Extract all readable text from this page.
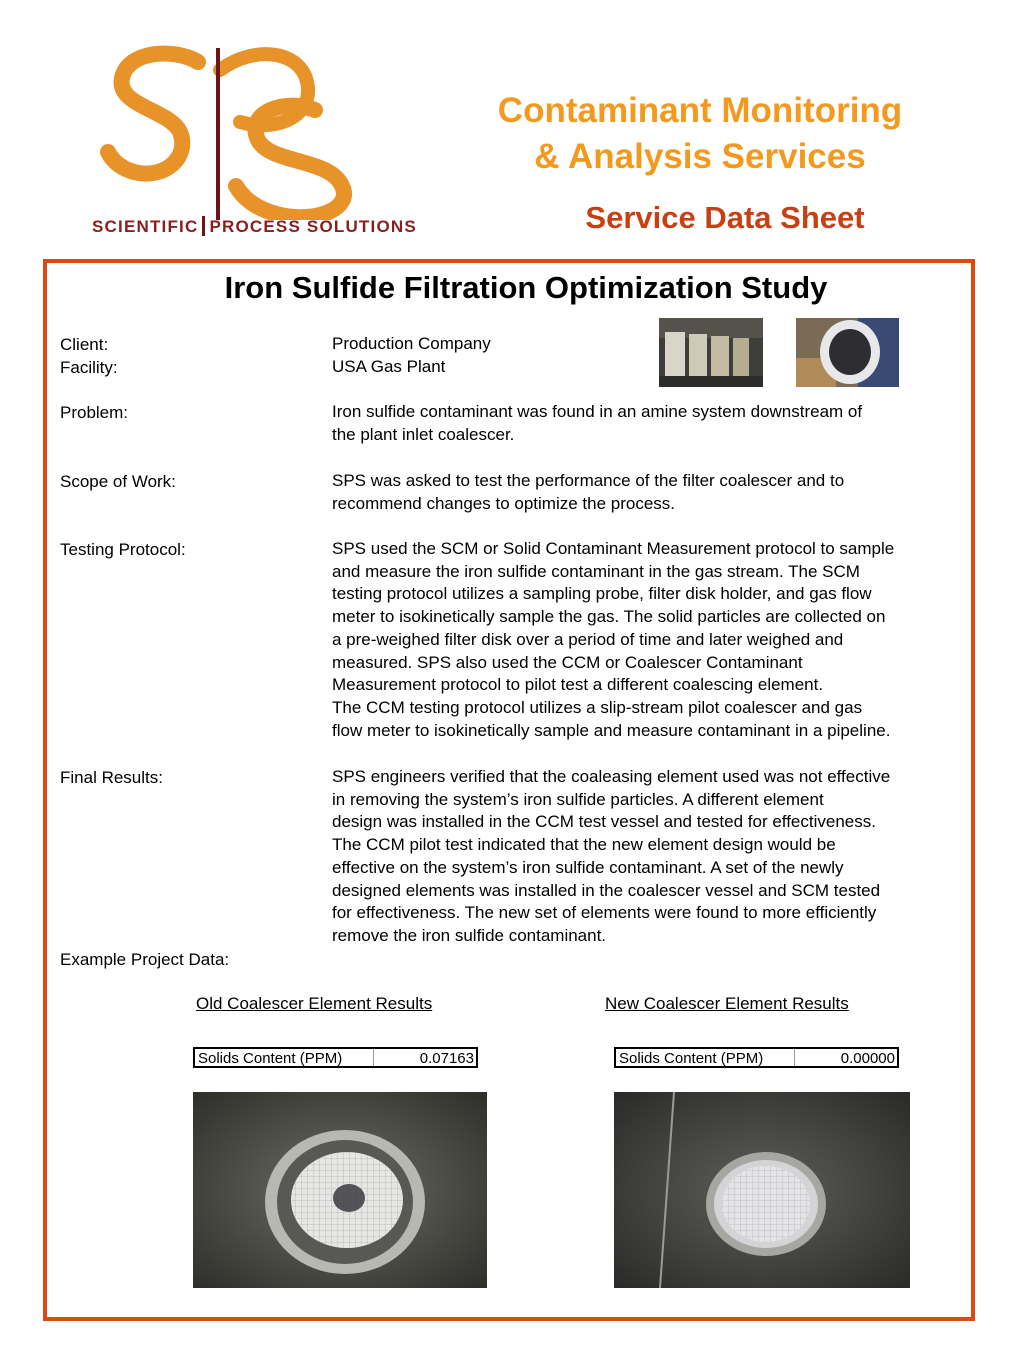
SCIENTIFIC PROCESS SOLUTIONS
Contaminant Monitoring
& Analysis Services
Service Data Sheet
Iron Sulfide Filtration Optimization Study
Client:	Production Company

Facility:	USA Gas Plant

Problem:	Iron sulfide contaminant was found in an amine system downstream of

the plant inlet coalescer.

Scope of Work:	SPS was asked to test the performance of the filter coalescer and to

recommend changes to optimize the process.

Testing Protocol:	SPS used the SCM or Solid Contaminant Measurement protocol to sample

and measure the iron sulfide contaminant in the gas stream. The SCM

testing protocol utilizes a sampling probe, filter disk holder, and gas flow

meter to isokinetically sample the gas. The solid particles are collected on

a pre-weighed filter disk over a period of time and later weighed and

measured. SPS also used the CCM or Coalescer Contaminant

Measurement protocol to pilot test a different coalescing element.

The CCM testing protocol utilizes a slip-stream pilot coalescer and gas

flow meter to isokinetically sample and measure contaminant in a pipeline.

Final Results:	SPS engineers verified that the coaleasing element used was not effective

in removing the system’s iron sulfide particles. A different element

design was installed in the CCM test vessel and tested for effectiveness.

The CCM pilot test indicated that the new element design would be

effective on the system’s iron sulfide contaminant. A set of the newly

designed elements was installed in the coalescer vessel and SCM tested

for effectiveness. The new set of elements were found to more efficiently

remove the iron sulfide contaminant.

Example Project Data:
Old Coalescer Element Results	New Coalescer Element Results
Solids Content (PPM)	0.07163	Solids Content (PPM)	0.00000
